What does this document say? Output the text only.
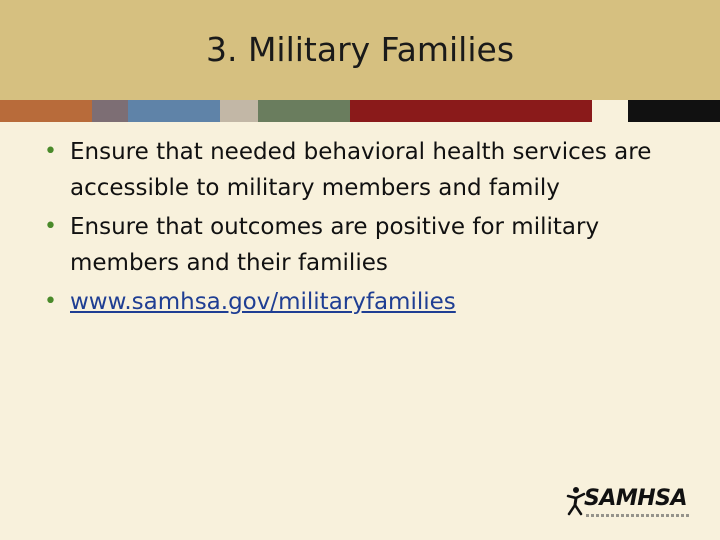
3. Military Families
• Ensure that needed behavioral health services are accessible to military members and family
• Ensure that outcomes are positive for military members and their families
• www.samhsa.gov/militaryfamilies
SAMHSA
